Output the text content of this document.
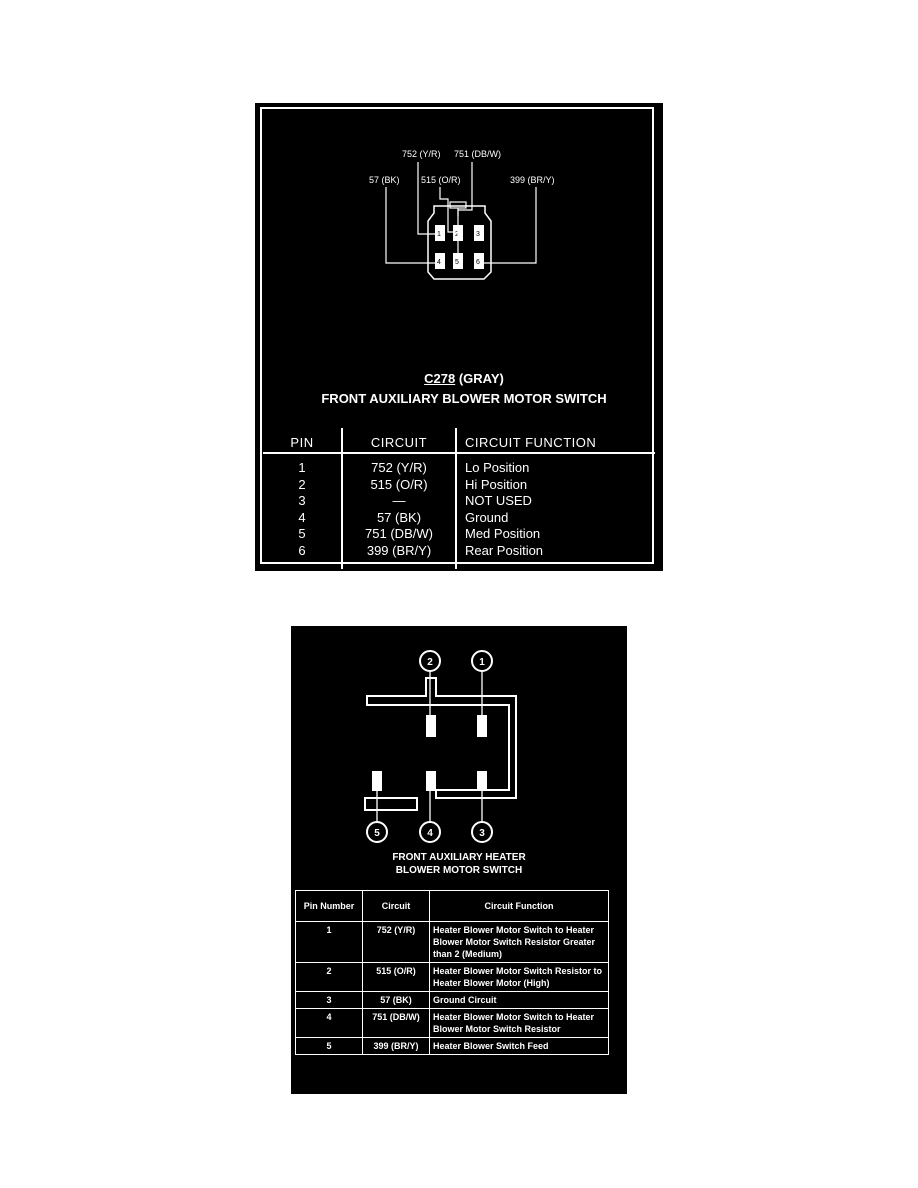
752 (Y/R) 751 (DB/W)
57 (BK) 515 (O/R)	399 (BR/Y)
1 2 3
4 5 6
C278 (GRAY)
FRONT AUXILIARY BLOWER MOTOR SWITCH
PIN	CIRCUIT	CIRCUIT FUNCTION
1	752 (Y/R)	Lo Position
2	515 (O/R)	Hi Position
3	—	NOT USED
4	57 (BK)	Ground
5	751 (DB/W)	Med Position
6	399 (BR/Y)	Rear Position
2	1
5	4	3
FRONT AUXILIARY HEATER
BLOWER MOTOR SWITCH
Pin Number	Circuit	Circuit Function
1	752 (Y/R)	Heater Blower Motor Switch to Heater Blower Motor Switch Resistor Greater than 2 (Medium)
2	515 (O/R)	Heater Blower Motor Switch Resistor to Heater Blower Motor (High)
3	57 (BK)	Ground Circuit
4	751 (DB/W)	Heater Blower Motor Switch to Heater Blower Motor Switch Resistor
5	399 (BR/Y)	Heater Blower Switch Feed
